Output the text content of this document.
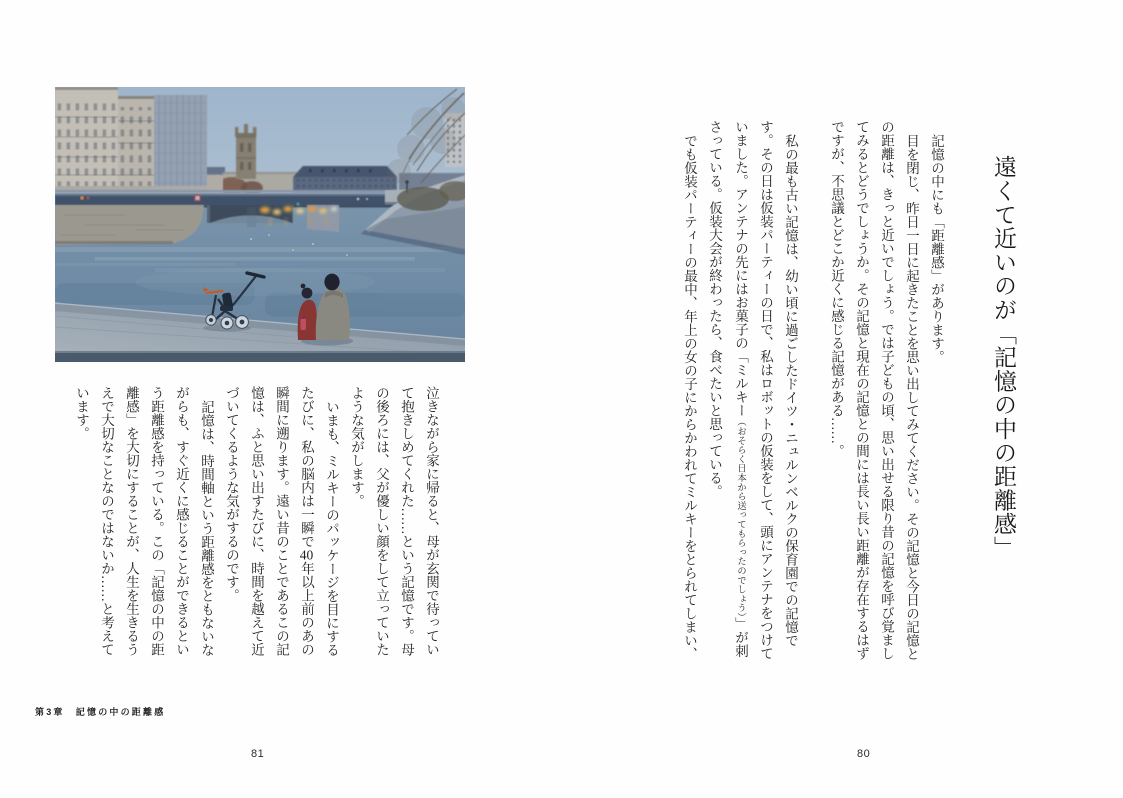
泣きながら家に帰ると、母が玄関で待っていて抱きしめてくれた……という記憶です。母の後ろには、父が優しい顔をして立っていたような気がします。

いまも、ミルキーのパッケージを目にするたびに、私の脳内は一瞬で40年以上前のあの瞬間に遡ります。遠い昔のことであるこの記憶は、ふと思い出すたびに、時間を越えて近づいてくるような気がするのです。

記憶は、時間軸という距離感をともないながらも、すぐ近くに感じることができるという距離感を持っている。この「記憶の中の距離感」を大切にすることが、人生を生きるうえで大切なことなのではないか……と考えています。

第3章　記憶の中の距離感
81
遠くて近いのが「記憶の中の距離感」

記憶の中にも「距離感」があります。

目を閉じ、昨日一日に起きたことを思い出してみてください。その記憶と今日の記憶との距離は、きっと近いでしょう。では子どもの頃、思い出せる限り昔の記憶を呼び覚ましてみるとどうでしょうか。その記憶と現在の記憶との間には長い長い距離が存在するはずですが、不思議とどこか近くに感じる記憶がある……。

私の最も古い記憶は、幼い頃に過ごしたドイツ・ニュルンベルクの保育園での記憶です。その日は仮装パーティーの日で、私はロボットの仮装をして、頭にアンテナをつけていました。アンテナの先にはお菓子の「ミルキー（おそらく日本から送ってもらったのでしょう）」が刺さっている。仮装大会が終わったら、食べたいと思っている。

でも仮装パーティーの最中、年上の女の子にからかわれてミルキーをとられてしまい、

80
